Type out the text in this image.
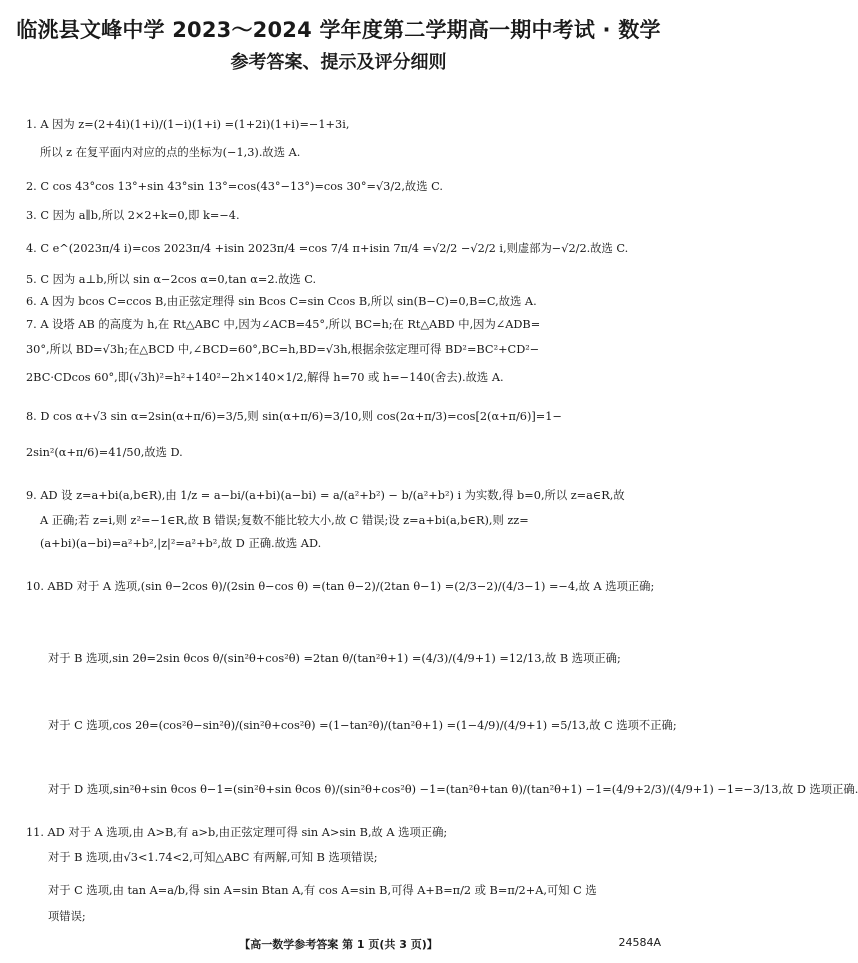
临洮县文峰中学 2023～2024 学年度第二学期高一期中考试 · 数学
参考答案、提示及评分细则
1. A 因为 z=(2+4i)(1+i)/(1−i)(1+i) =(1+2i)(1+i)=−1+3i,
所以 z 在复平面内对应的点的坐标为(−1,3).故选 A.
2. C cos 43°cos 13°+sin 43°sin 13°=cos(43°−13°)=cos 30°=√3/2,故选 C.
3. C 因为 a∥b,所以 2×2+k=0,即 k=−4.
4. C e^(2023π/4 i)=cos 2023π/4 +isin 2023π/4 =cos 7/4 π+isin 7π/4 =√2/2 −√2/2 i,则虚部为−√2/2.故选 C.
5. C 因为 a⊥b,所以 sin α−2cos α=0,tan α=2.故选 C.
6. A 因为 bcos C=ccos B,由正弦定理得 sin Bcos C=sin Ccos B,所以 sin(B−C)=0,B=C,故选 A.
7. A 设塔 AB 的高度为 h,在 Rt△ABC 中,因为∠ACB=45°,所以 BC=h;在 Rt△ABD 中,因为∠ADB=
30°,所以 BD=√3h;在△BCD 中,∠BCD=60°,BC=h,BD=√3h,根据余弦定理可得 BD²=BC²+CD²−
2BC·CDcos 60°,即(√3h)²=h²+140²−2h×140×1/2,解得 h=70 或 h=−140(舍去).故选 A.
8. D cos α+√3 sin α=2sin(α+π/6)=3/5,则 sin(α+π/6)=3/10,则 cos(2α+π/3)=cos[2(α+π/6)]=1−
2sin²(α+π/6)=41/50,故选 D.
9. AD 设 z=a+bi(a,b∈R),由 1/z = a−bi/(a+bi)(a−bi) = a/(a²+b²) − b/(a²+b²) i 为实数,得 b=0,所以 z=a∈R,故
A 正确;若 z=i,则 z²=−1∈R,故 B 错误;复数不能比较大小,故 C 错误;设 z=a+bi(a,b∈R),则 zz=
(a+bi)(a−bi)=a²+b²,|z|²=a²+b²,故 D 正确.故选 AD.
10. ABD 对于 A 选项,(sin θ−2cos θ)/(2sin θ−cos θ) =(tan θ−2)/(2tan θ−1) =(2/3−2)/(4/3−1) =−4,故 A 选项正确;
对于 B 选项,sin 2θ=2sin θcos θ/(sin²θ+cos²θ) =2tan θ/(tan²θ+1) =(4/3)/(4/9+1) =12/13,故 B 选项正确;
对于 C 选项,cos 2θ=(cos²θ−sin²θ)/(sin²θ+cos²θ) =(1−tan²θ)/(tan²θ+1) =(1−4/9)/(4/9+1) =5/13,故 C 选项不正确;
对于 D 选项,sin²θ+sin θcos θ−1=(sin²θ+sin θcos θ)/(sin²θ+cos²θ) −1=(tan²θ+tan θ)/(tan²θ+1) −1=(4/9+2/3)/(4/9+1) −1=−3/13,故 D 选项正确.
11. AD 对于 A 选项,由 A>B,有 a>b,由正弦定理可得 sin A>sin B,故 A 选项正确;
对于 B 选项,由√3<1.74<2,可知△ABC 有两解,可知 B 选项错误;
对于 C 选项,由 tan A=a/b,得 sin A=sin Btan A,有 cos A=sin B,可得 A+B=π/2 或 B=π/2+A,可知 C 选
项错误;
【高一数学参考答案 第 1 页(共 3 页)】	24584A
